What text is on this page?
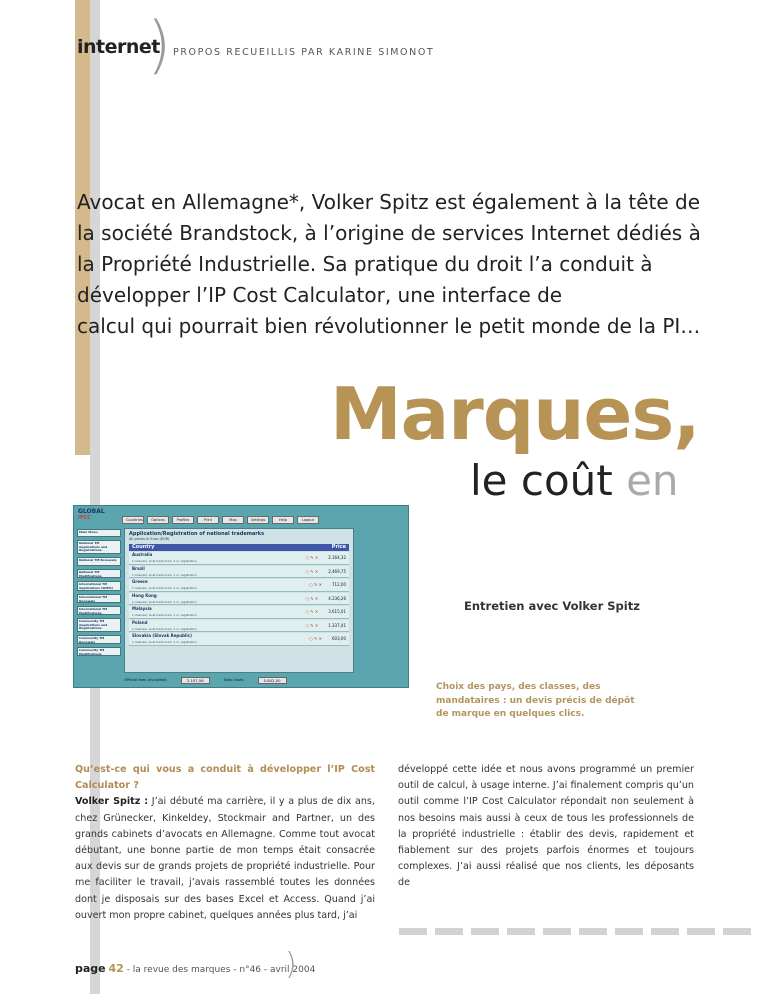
internet
) PROPOS RECUEILLIS PAR KARINE SIMONOT
Avocat en Allemagne*, Volker Spitz est également à la tête de
la société Brandstock, à l’origine de services Internet dédiés à
la Propriété Industrielle. Sa pratique du droit l’a conduit à
développer l’IP Cost Calculator, une interface de
calcul qui pourrait bien révolutionner le petit monde de la PI…
Marques,
le coût en
GLOBAL
IPCC	Countries	Options	Profiles	Print	Map	Settings	Help	Logout
Main Menu
National TM Applications and Registrations
National TM Renewals
National TM Modifications
International TM Applications (WIPO)
International TM Renewals
International TM Modifications
Community TM Applications and Registrations
Community TM Renewals
Community TM Modifications
Application/Registration of national trademarks
All prices in Euro (EUR)
Country	Price
Australia
1 class(es), local trade mark, 1 nr. registration
○ ✎ ✕	2.164,32
Brazil
1 class(es), local trade mark, 1 nr. registration
○ ✎ ✕	2.469,75
Greece
1 class(es), local trade mark, 1 nr. registration
○ ✎ ✕	712,00
Hong Kong
1 class(es), local trade mark, 1 nr. registration
○ ✎ ✕	4.236,26
Malaysia
1 class(es), local trade mark, 1 nr. registration
○ ✎ ✕	3.615,01
Poland
1 class(es), local trade mark, 1 nr. registration
○ ✎ ✕	1.337,41
Slovakia (Slovak Republic)
1 class(es), local trade mark, 1 nr. registration
○ ✎ ✕	603,00
Official fees (included)	2.107,56	Total costs	5.842,00
Entretien avec Volker Spitz
Choix des pays, des classes, des mandataires : un devis précis de dépôt de marque en quelques clics.
Qu’est-ce qui vous a conduit à développer l’IP Cost Calculator ?
Volker Spitz : J’ai débuté ma carrière, il y a plus de dix ans, chez Grünecker, Kinkeldey, Stockmair and Partner, un des grands cabinets d’avocats en Allemagne. Comme tout avocat débutant, une bonne partie de mon temps était consacrée aux devis sur de grands projets de propriété industrielle. Pour me faciliter le travail, j’avais rassemblé toutes les données dont je disposais sur des bases Excel et Access. Quand j’ai ouvert mon propre cabinet, quelques années plus tard, j’ai
développé cette idée et nous avons programmé un premier outil de calcul, à usage interne. J’ai finalement compris qu’un outil comme l’IP Cost Calculator répondait non seulement à nos besoins mais aussi à ceux de tous les professionnels de la propriété industrielle : établir des devis, rapidement et fiablement sur des projets parfois énormes et toujours complexes. J’ai aussi réalisé que nos clients, les déposants de
page 42 - la revue des marques - n°46 - avril 2004
)
